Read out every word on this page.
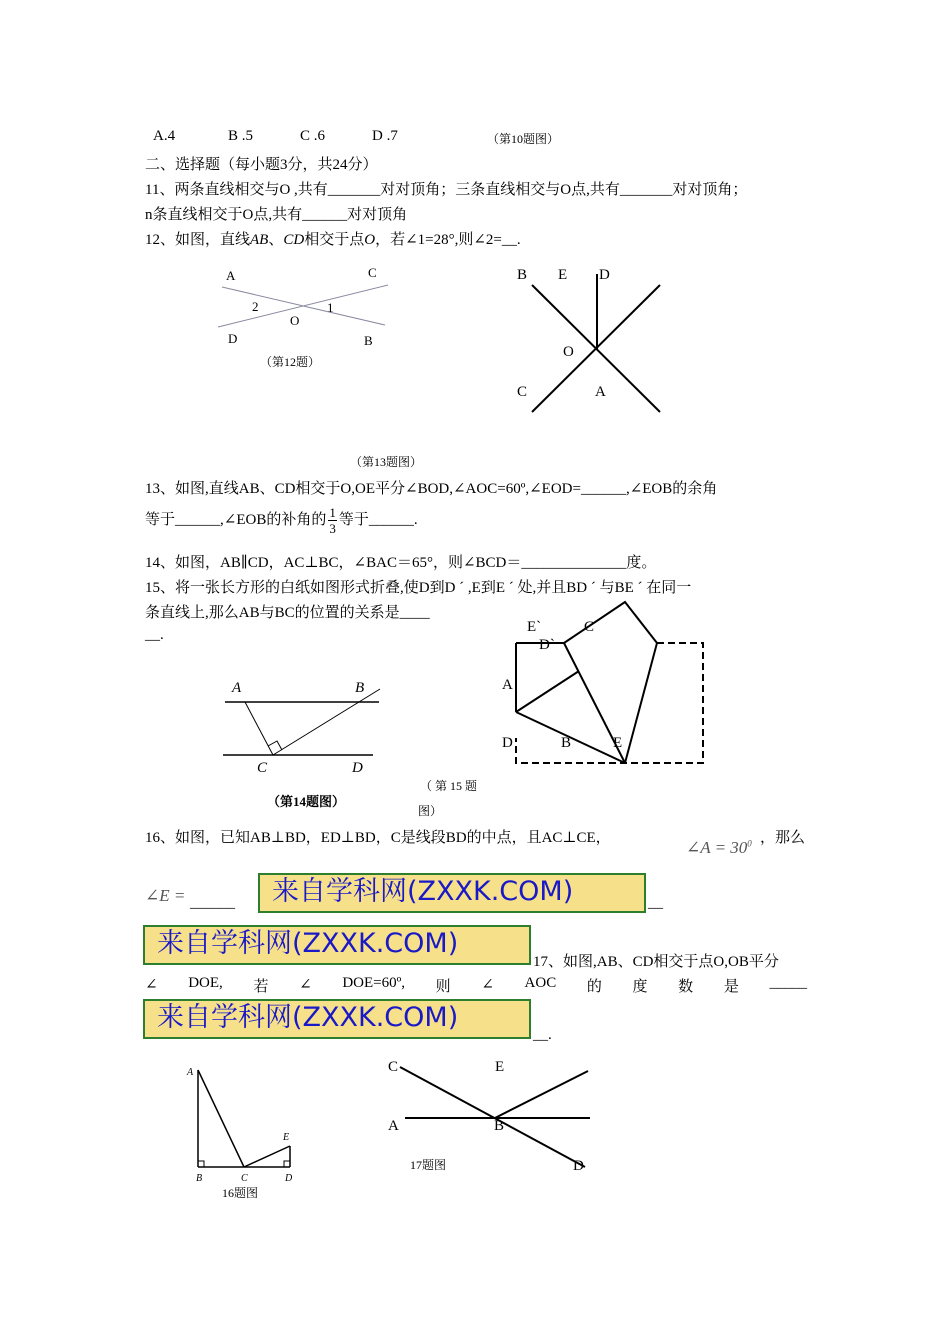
A.4	B .5	C .6	D .7	（第10题图）
二、选择题（每小题3分，共24分）
11、两条直线相交与O ,共有_______对对顶角；三条直线相交与O点,共有_______对对顶角；
n条直线相交于O点,共有______对对顶角
12、如图，直线AB、CD相交于点O，若∠1=28°,则∠2=__.
A	C
2	1
O
D	B
（第12题）
B E D
O
C	A
（第13题图）
13、如图,直线AB、CD相交于O,OE平分∠BOD,∠AOC=60º,∠EOD=______,∠EOB的余角
等于______,∠EOB的补角的 $\frac{1}{3}$ 等于______.
14、如图，AB∥CD，AC⊥BC，∠BAC＝65°，则∠BCD＝______________度。
15、将一张长方形的白纸如图形式折叠,使D到D ´ ,E到E ´ 处,并且BD ´ 与BE ´ 在同一
条直线上,那么AB与BC的位置的关系是____
__.
A	B
C	D
（第14题图）
E`
D`
C
A
D	B	E
（ 第 15 题
图）
16、如图，已知AB⊥BD，ED⊥BD，C是线段BD的中点，且AC⊥CE，	∠A = $30^0$ ，那么
∠E = ______	__
来自学科网(ZXXK.COM)
来自学科网(ZXXK.COM)
来自学科网(ZXXK.COM)
17、如图,AB、CD相交于点O,OB平分
∠ DOE, 若 ∠ DOE=60º, 则 ∠ AOC 的 度 数 是 _____
__.
A
E
B	C	D
16题图
C	E
A	B
D
17题图
